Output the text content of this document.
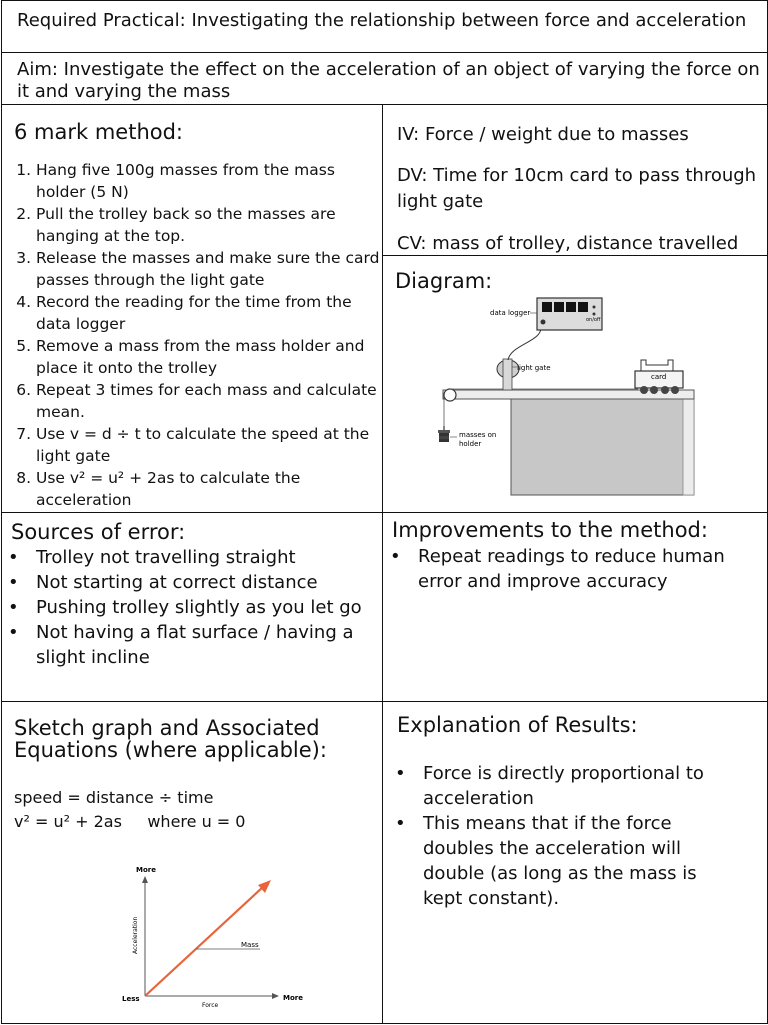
Required Practical: Investigating the relationship between force and acceleration

Aim: Investigate the effect on the acceleration of an object of varying the force on it and varying the mass

6 mark method:

1. Hang five 100g masses from the mass holder (5 N)
2. Pull the trolley back so the masses are hanging at the top.
3. Release the masses and make sure the card passes through the light gate
4. Record the reading for the time from the data logger
5. Remove a mass from the mass holder and place it onto the trolley
6. Repeat 3 times for each mass and calculate mean.
7. Use v = d ÷ t to calculate the speed at the light gate
8. Use v² = u² + 2as to calculate the acceleration

IV: Force / weight due to masses

DV: Time for 10cm card to pass through light gate

CV: mass of trolley, distance travelled

Diagram:

masses on
holder
light gate
on/off
data logger
card

Sources of error:

• Trolley not travelling straight
• Not starting at correct distance
• Pushing trolley slightly as you let go
• Not having a flat surface / having a slight incline

Improvements to the method:

• Repeat readings to reduce human error and improve accuracy

Sketch graph and Associated Equations (where applicable):

speed = distance ÷ time

v² = u² + 2as     where u = 0

Mass
More
Acceleration
Less
Force
More

Explanation of Results:

• Force is directly proportional to acceleration
• This means that if the force doubles the acceleration will double (as long as the mass is kept constant).
